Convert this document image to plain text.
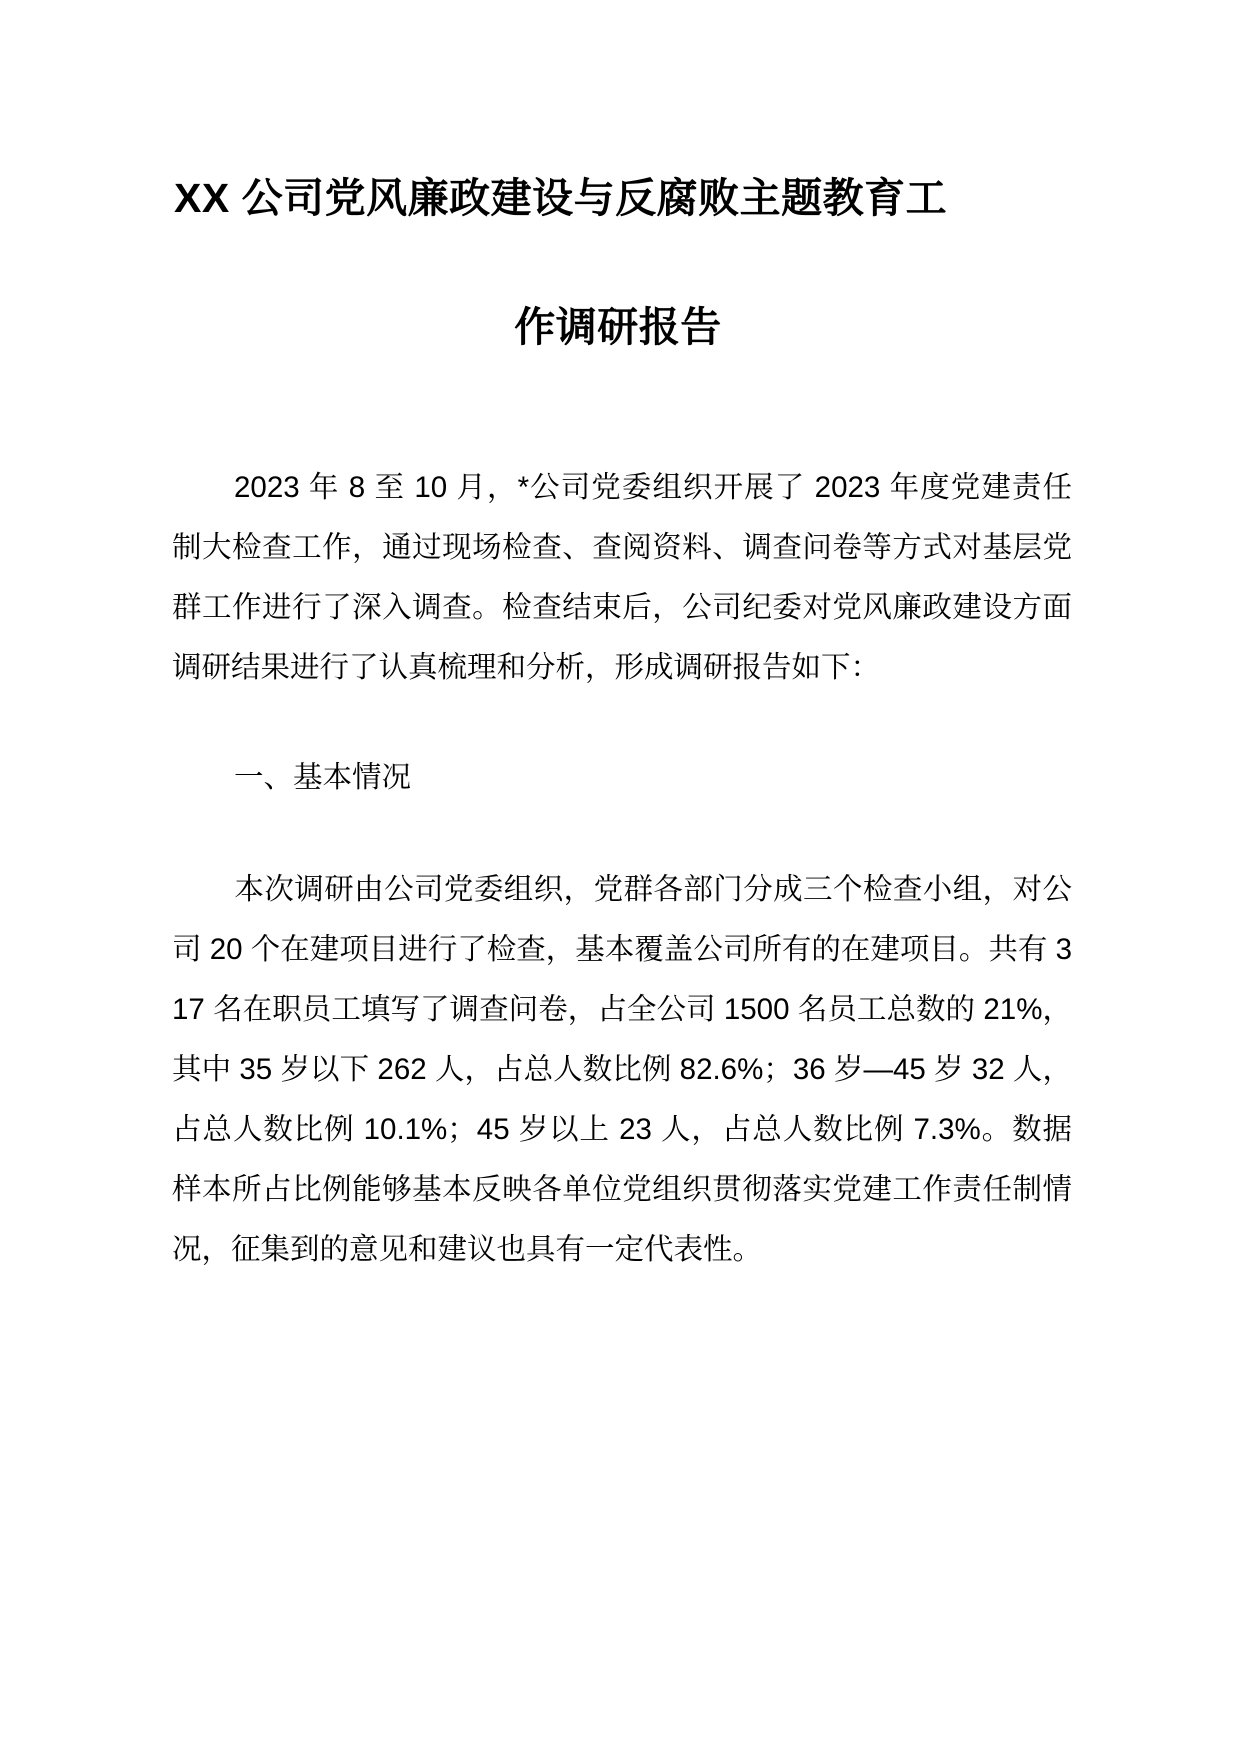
XX 公司党风廉政建设与反腐败主题教育工
作调研报告

2023 年 8 至 10 月，*公司党委组织开展了 2023 年度党建责任制大检查工作，通过现场检查、查阅资料、调查问卷等方式对基层党群工作进行了深入调查。检查结束后，公司纪委对党风廉政建设方面调研结果进行了认真梳理和分析，形成调研报告如下：

一、基本情况

本次调研由公司党委组织，党群各部门分成三个检查小组，对公司 20 个在建项目进行了检查，基本覆盖公司所有的在建项目。共有 317 名在职员工填写了调查问卷，占全公司 1500 名员工总数的 21%，其中 35 岁以下 262 人，占总人数比例 82.6%；36 岁—45 岁 32 人，占总人数比例 10.1%；45 岁以上 23 人，占总人数比例 7.3%。数据样本所占比例能够基本反映各单位党组织贯彻落实党建工作责任制情况，征集到的意见和建议也具有一定代表性。
